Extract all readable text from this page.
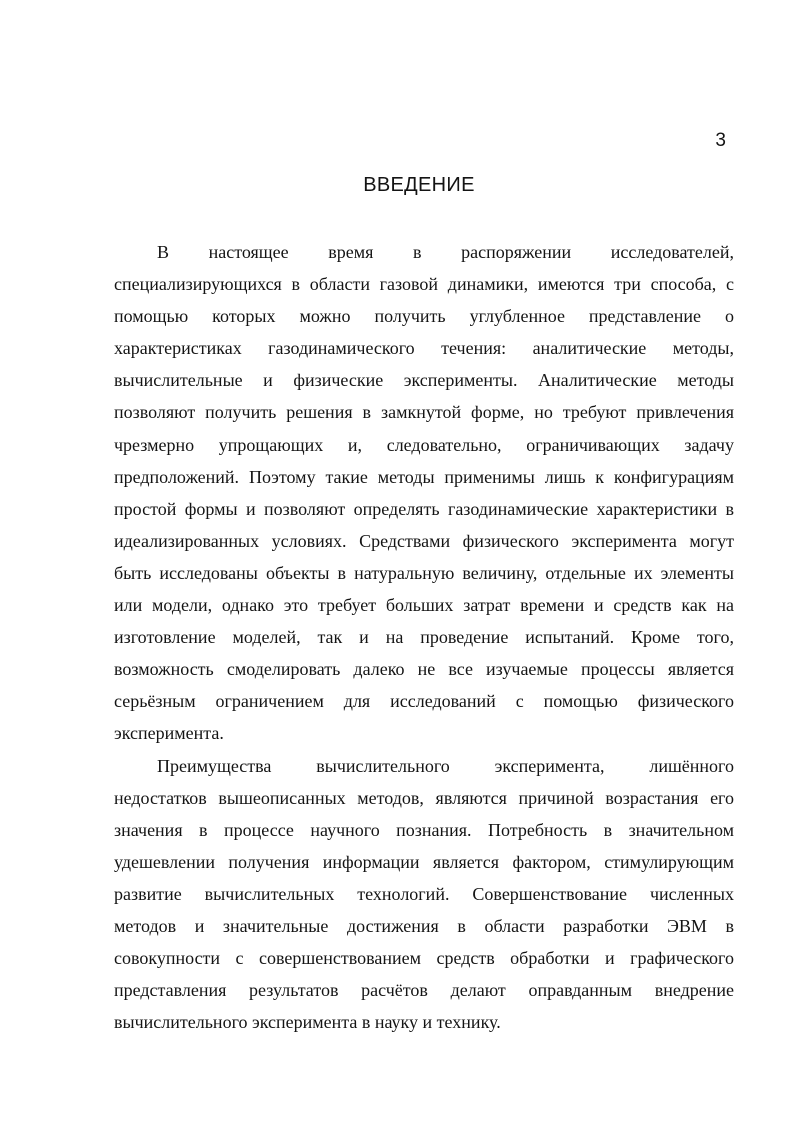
3
ВВЕДЕНИЕ
В настоящее время в распоряжении исследователей,
специализирующихся в области газовой динамики, имеются три способа, с
помощью которых можно получить углубленное представление о
характеристиках газодинамического течения: аналитические методы,
вычислительные и физические эксперименты. Аналитические методы
позволяют получить решения в замкнутой форме, но требуют привлечения
чрезмерно упрощающих и, следовательно, ограничивающих задачу
предположений. Поэтому такие методы применимы лишь к конфигурациям
простой формы и позволяют определять газодинамические характеристики в
идеализированных условиях. Средствами физического эксперимента могут
быть исследованы объекты в натуральную величину, отдельные их элементы
или модели, однако это требует больших затрат времени и средств как на
изготовление моделей, так и на проведение испытаний. Кроме того,
возможность смоделировать далеко не все изучаемые процессы является
серьёзным ограничением для исследований с помощью физического
эксперимента.
Преимущества вычислительного эксперимента, лишённого
недостатков вышеописанных методов, являются причиной возрастания его
значения в процессе научного познания. Потребность в значительном
удешевлении получения информации является фактором, стимулирующим
развитие вычислительных технологий. Совершенствование численных
методов и значительные достижения в области разработки ЭВМ в
совокупности с совершенствованием средств обработки и графического
представления результатов расчётов делают оправданным внедрение
вычислительного эксперимента в науку и технику.
